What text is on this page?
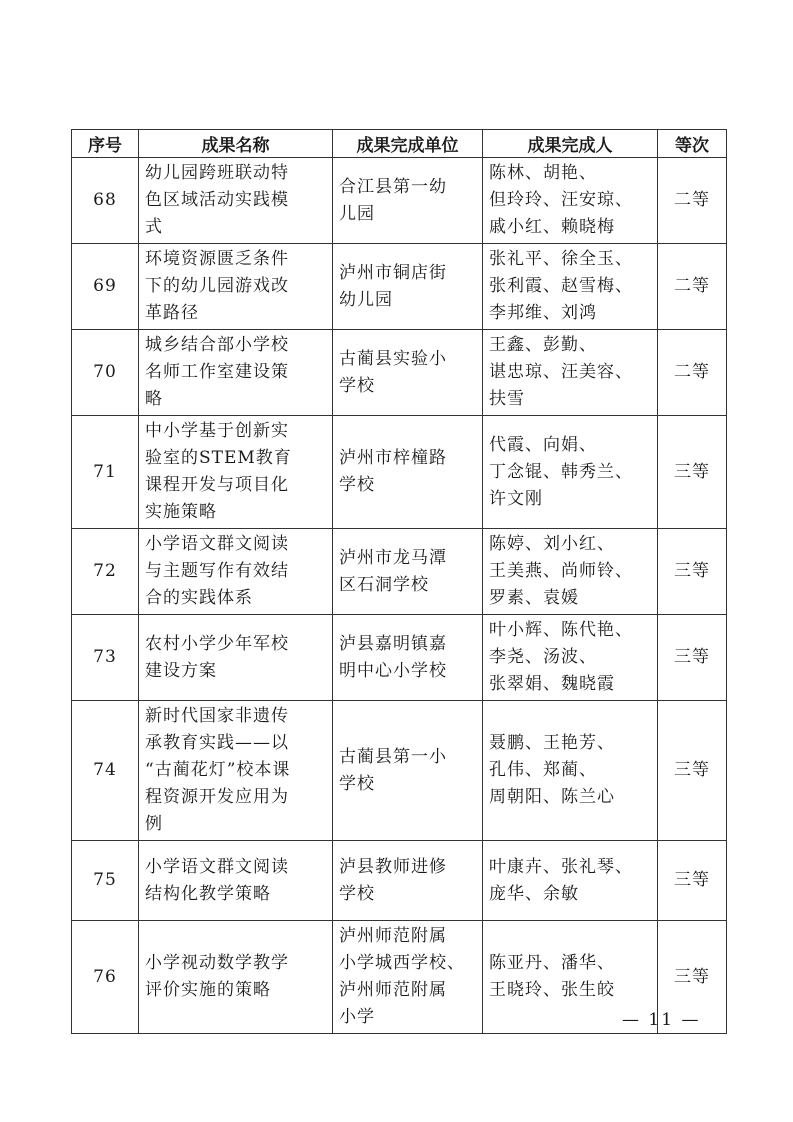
序号	成果名称	成果完成单位	成果完成人	等次
68	幼儿园跨班联动特
色区域活动实践模
式	合江县第一幼
儿园	陈林、胡艳、
但玲玲、汪安琼、
戚小红、赖晓梅	二等
69	环境资源匮乏条件
下的幼儿园游戏改
革路径	泸州市铜店街
幼儿园	张礼平、徐全玉、
张利霞、赵雪梅、
李邦维、刘鸿	二等
70	城乡结合部小学校
名师工作室建设策
略	古蔺县实验小
学校	王鑫、彭勤、
谌忠琼、汪美容、
扶雪	二等
71	中小学基于创新实
验室的STEM教育
课程开发与项目化
实施策略	泸州市梓橦路
学校	代霞、向娟、
丁念锟、韩秀兰、
许文刚	三等
72	小学语文群文阅读
与主题写作有效结
合的实践体系	泸州市龙马潭
区石洞学校	陈婷、刘小红、
王美燕、尚师铃、
罗素、袁媛	三等
73	农村小学少年军校
建设方案	泸县嘉明镇嘉
明中心小学校	叶小辉、陈代艳、
李尧、汤波、
张翠娟、魏晓霞	三等
74	新时代国家非遗传
承教育实践——以
“古蔺花灯”校本课
程资源开发应用为
例	古蔺县第一小
学校	聂鹏、王艳芳、
孔伟、郑蔺、
周朝阳、陈兰心	三等
75	小学语文群文阅读
结构化教学策略	泸县教师进修
学校	叶康卉、张礼琴、
庞华、余敏	三等
76	小学视动数学教学
评价实施的策略	泸州师范附属
小学城西学校、
泸州师范附属
小学	陈亚丹、潘华、
王晓玲、张生皎	三等
— 11 —
